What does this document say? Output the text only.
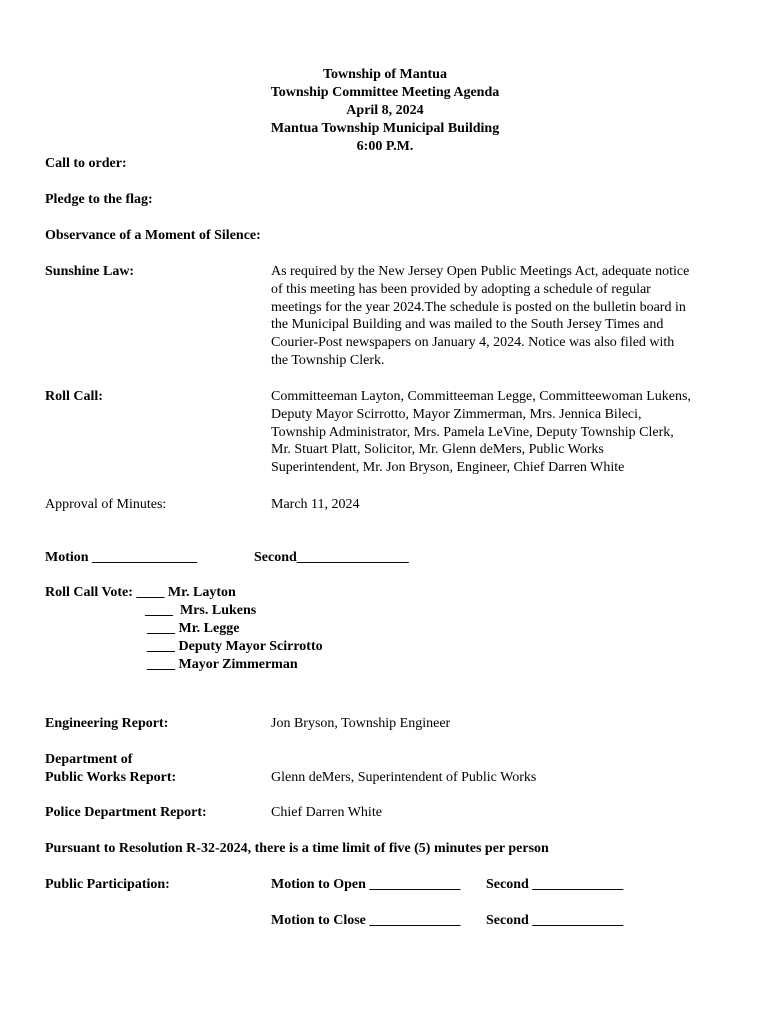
Township of Mantua
Township Committee Meeting Agenda
April 8, 2024
Mantua Township Municipal Building
6:00 P.M.
Call to order:
Pledge to the flag:
Observance of a Moment of Silence:
Sunshine Law:	As required by the New Jersey Open Public Meetings Act, adequate notice
of this meeting has been provided by adopting a schedule of regular
meetings for the year 2024.The schedule is posted on the bulletin board in
the Municipal Building and was mailed to the South Jersey Times and
Courier-Post newspapers on January 4, 2024. Notice was also filed with
the Township Clerk.
Roll Call:	Committeeman Layton, Committeeman Legge, Committeewoman Lukens,
Deputy Mayor Scirrotto, Mayor Zimmerman, Mrs. Jennica Bileci,
Township Administrator, Mrs. Pamela LeVine, Deputy Township Clerk,
Mr. Stuart Platt, Solicitor, Mr. Glenn deMers, Public Works
Superintendent, Mr. Jon Bryson, Engineer, Chief Darren White
Approval of Minutes:	March 11, 2024
Motion _______________	Second________________
Roll Call Vote: ____ Mr. Layton
____  Mrs. Lukens
____ Mr. Legge
____ Deputy Mayor Scirrotto
____ Mayor Zimmerman
Engineering Report:	Jon Bryson, Township Engineer
Department of
Public Works Report:	Glenn deMers, Superintendent of Public Works
Police Department Report:	Chief Darren White
Pursuant to Resolution R-32-2024, there is a time limit of five (5) minutes per person
Public Participation:	Motion to Open _____________ Second _____________
Motion to Close _____________ Second _____________
